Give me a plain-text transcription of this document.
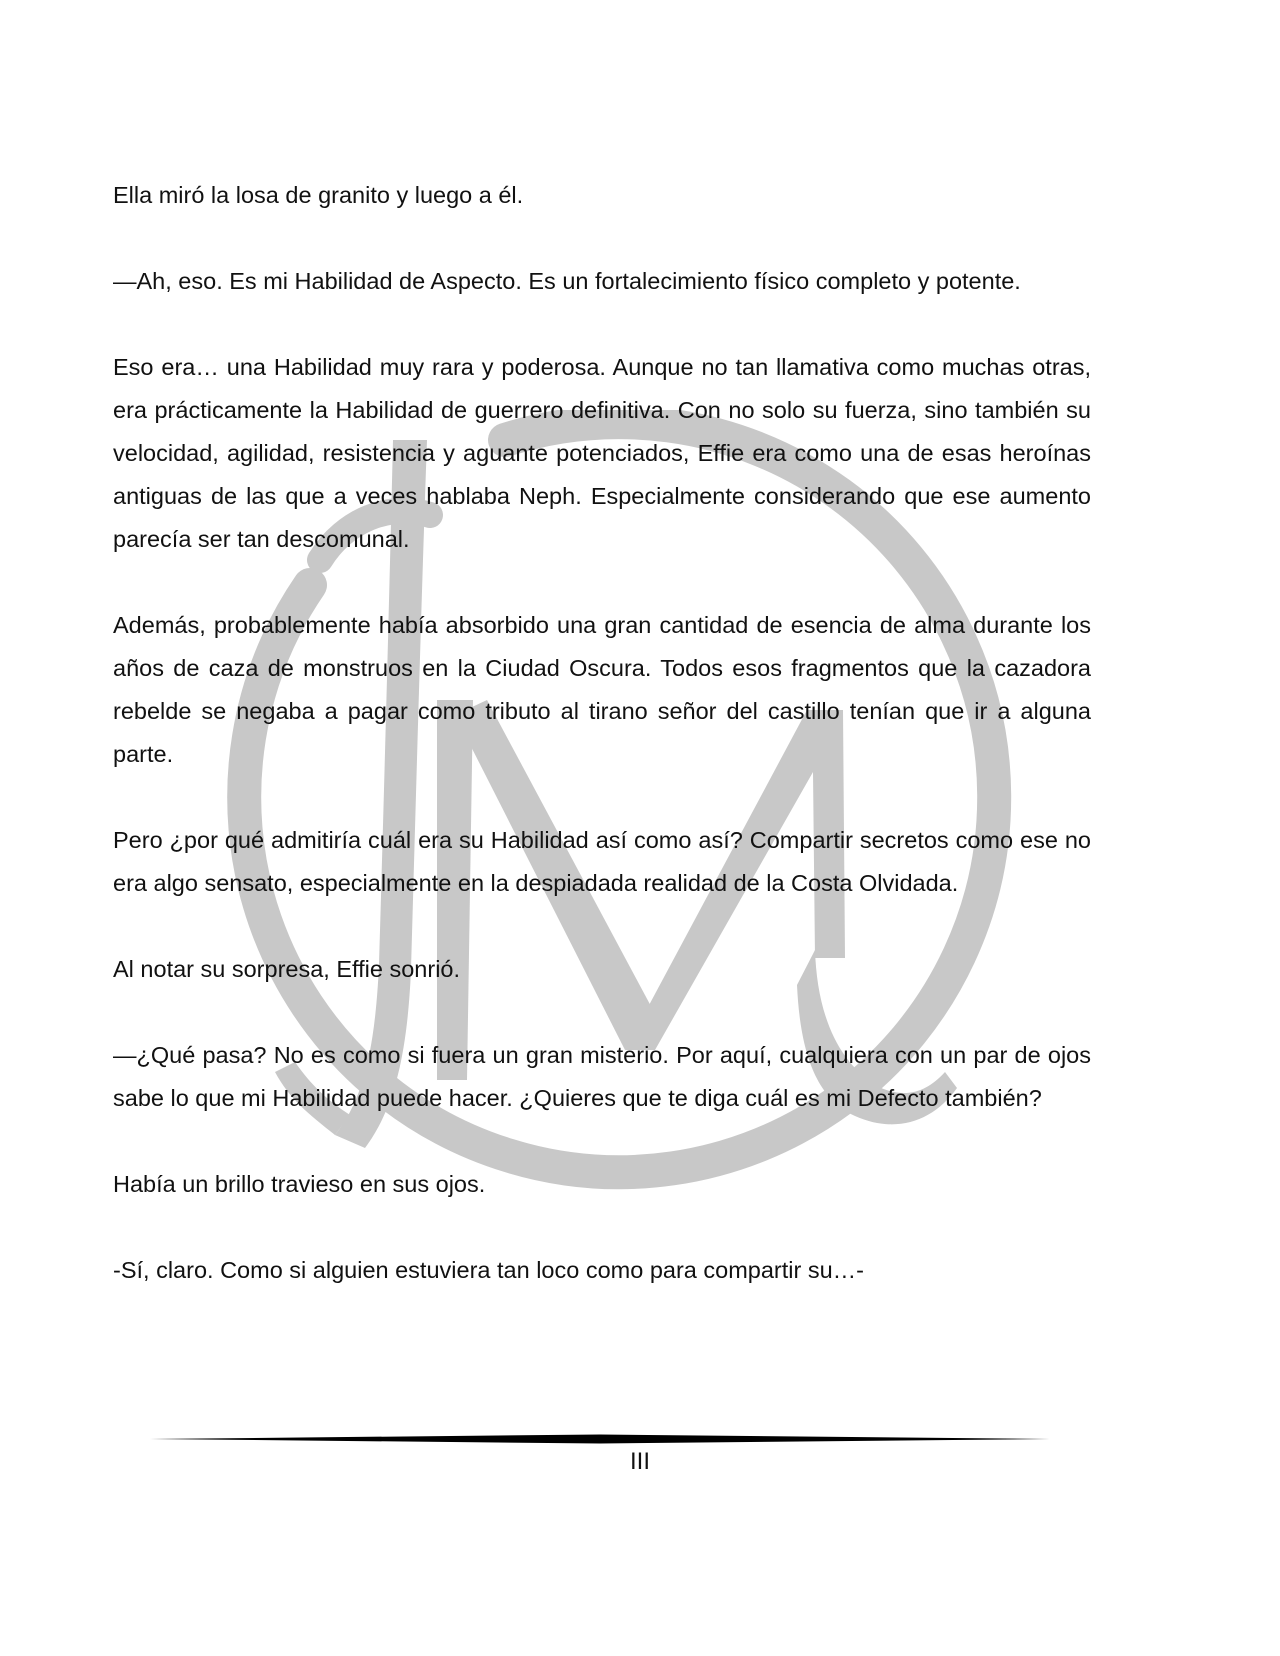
Ella miró la losa de granito y luego a él.

—Ah, eso. Es mi Habilidad de Aspecto. Es un fortalecimiento físico completo y potente.

Eso era… una Habilidad muy rara y poderosa. Aunque no tan llamativa como muchas otras, era prácticamente la Habilidad de guerrero definitiva. Con no solo su fuerza, sino también su velocidad, agilidad, resistencia y aguante potenciados, Effie era como una de esas heroínas antiguas de las que a veces hablaba Neph. Especialmente considerando que ese aumento parecía ser tan descomunal.

Además, probablemente había absorbido una gran cantidad de esencia de alma durante los años de caza de monstruos en la Ciudad Oscura. Todos esos fragmentos que la cazadora rebelde se negaba a pagar como tributo al tirano señor del castillo tenían que ir a alguna parte.

Pero ¿por qué admitiría cuál era su Habilidad así como así? Compartir secretos como ese no era algo sensato, especialmente en la despiadada realidad de la Costa Olvidada.

Al notar su sorpresa, Effie sonrió.

—¿Qué pasa? No es como si fuera un gran misterio. Por aquí, cualquiera con un par de ojos sabe lo que mi Habilidad puede hacer. ¿Quieres que te diga cuál es mi Defecto también?

Había un brillo travieso en sus ojos.

-Sí, claro. Como si alguien estuviera tan loco como para compartir su…-

III
